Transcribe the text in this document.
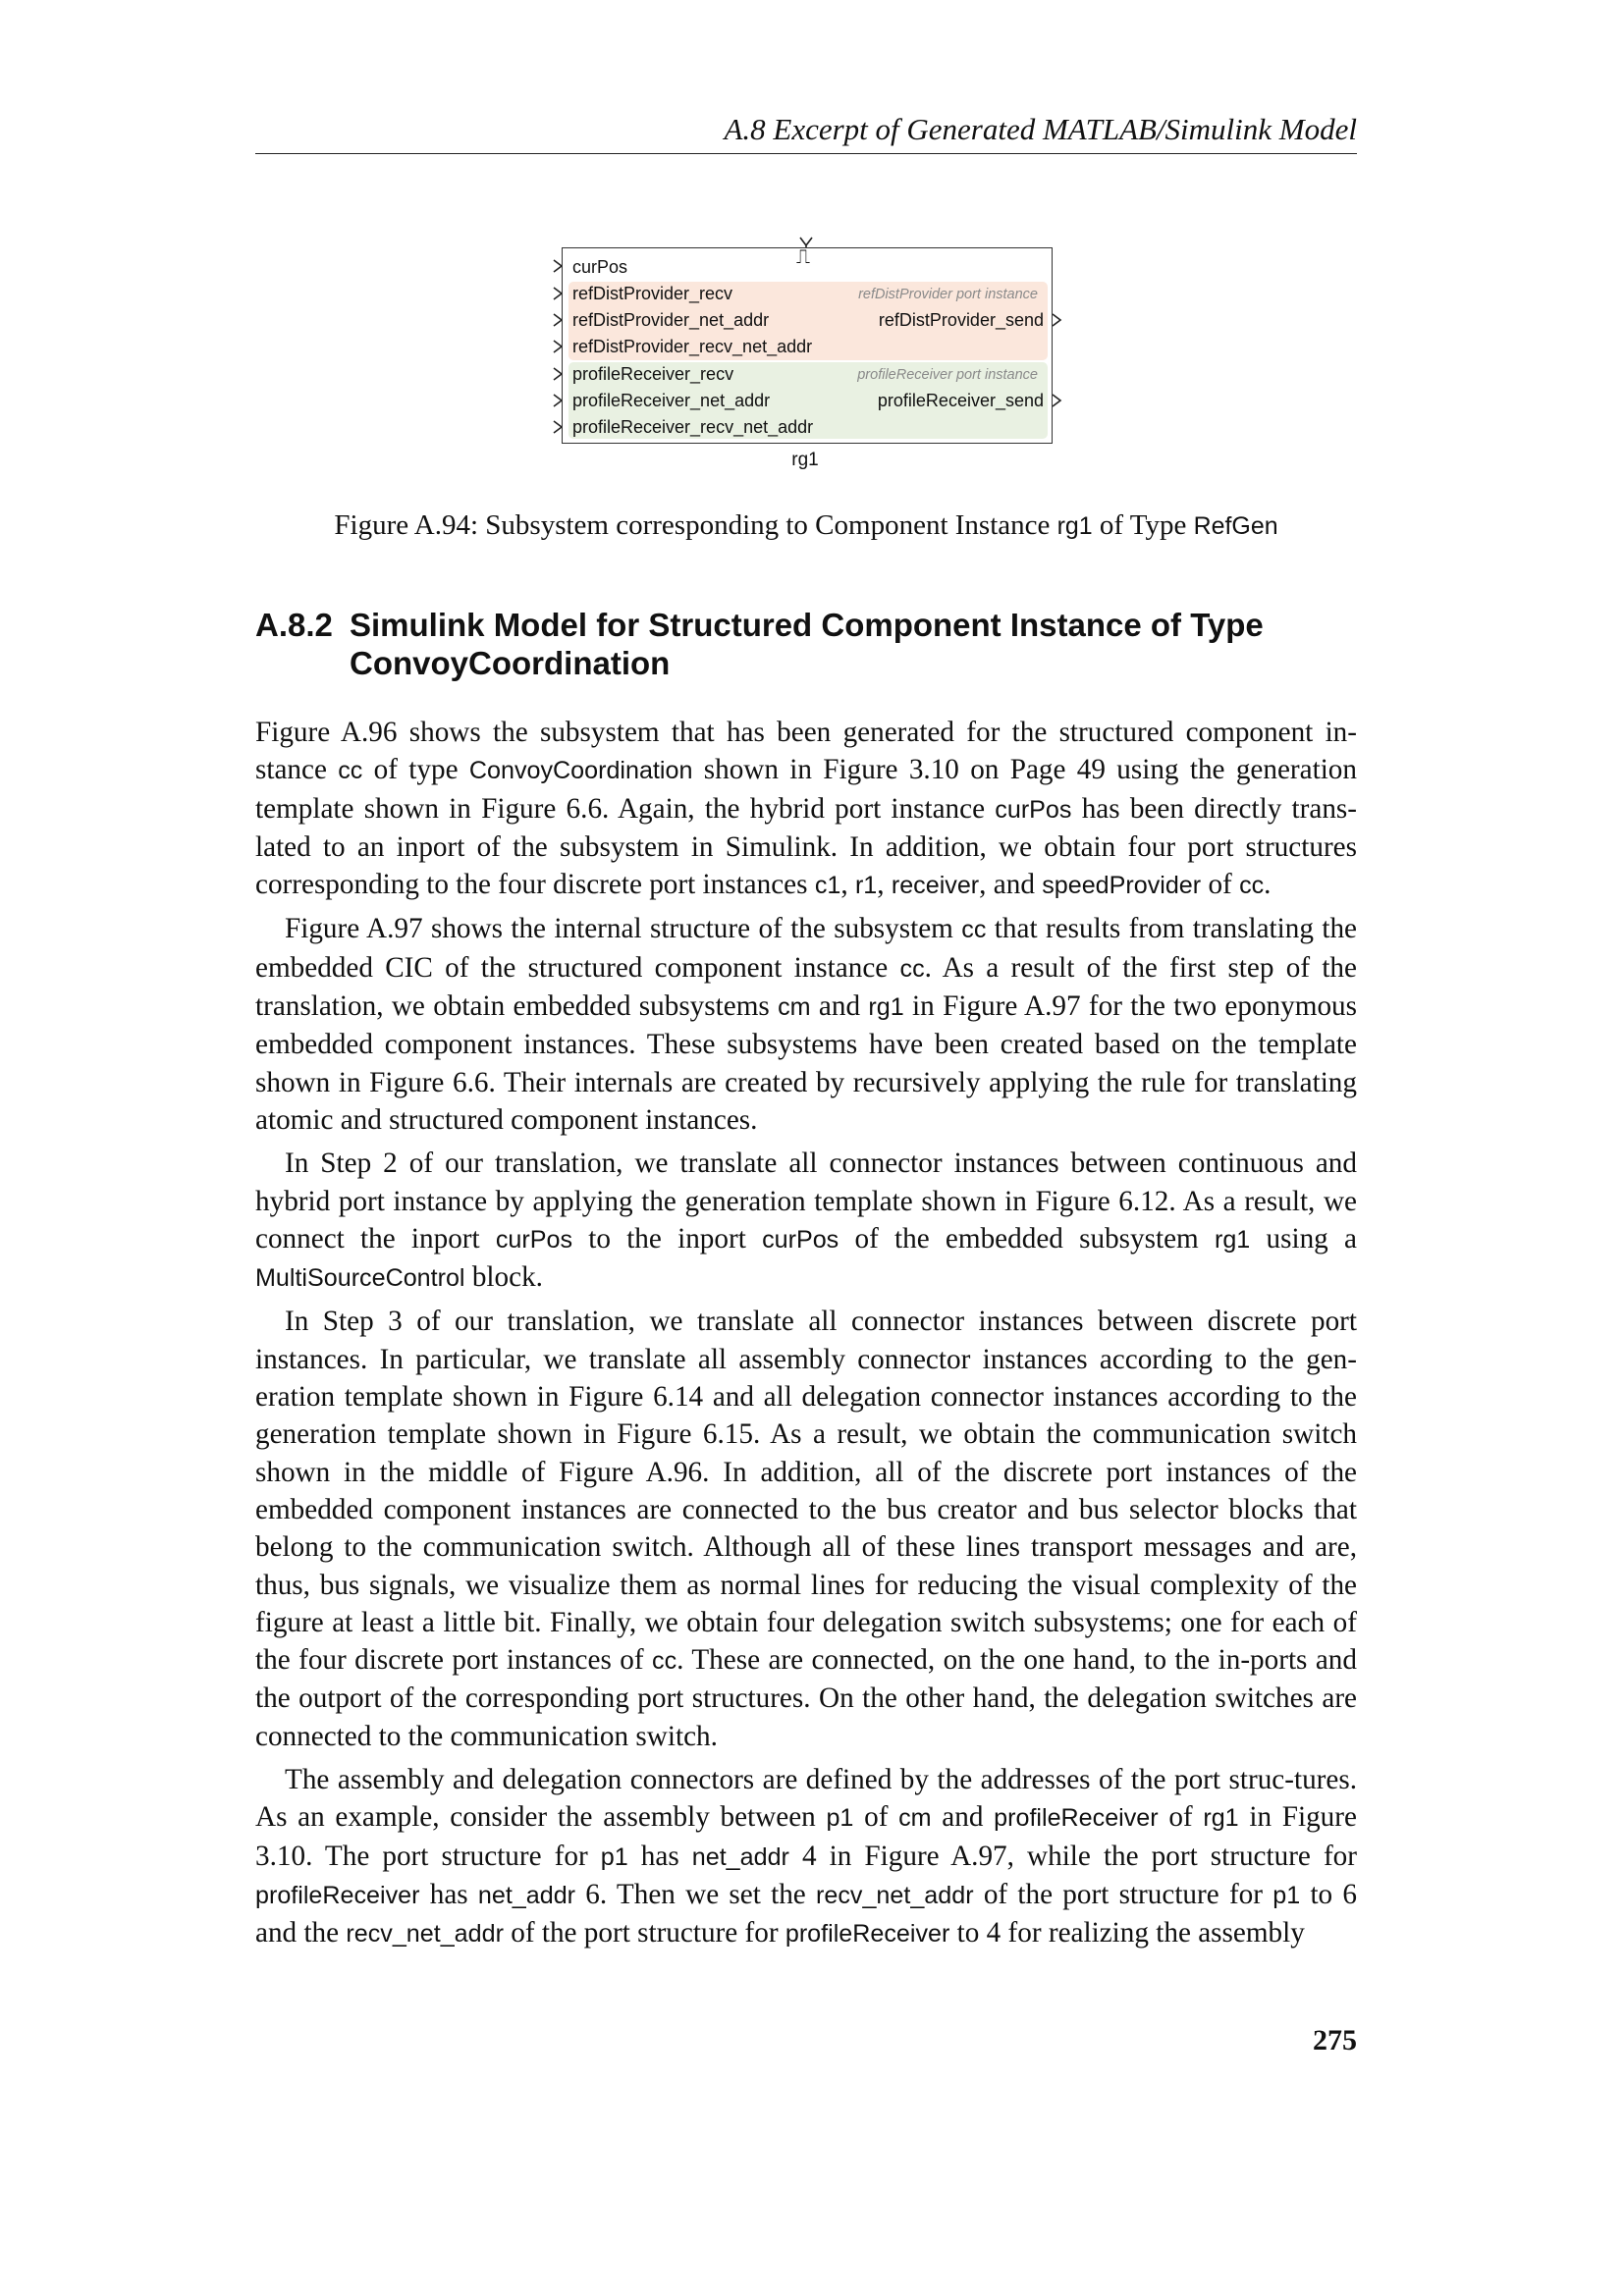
A.8 Excerpt of Generated MATLAB/Simulink Model
refDistProvider port instance
profileReceiver port instance
⎍
curPos
refDistProvider_recv
refDistProvider_net_addr
refDistProvider_recv_net_addr
profileReceiver_recv
profileReceiver_net_addr
profileReceiver_recv_net_addr
refDistProvider_send
profileReceiver_send
rg1
Figure A.94: Subsystem corresponding to Component Instance rg1 of Type RefGen
A.8.2 Simulink Model for Structured Component Instance of Type ConvoyCoordination

Figure A.96 shows the subsystem that has been generated for the structured component in-stance cc of type ConvoyCoordination shown in Figure 3.10 on Page 49 using the generation template shown in Figure 6.6. Again, the hybrid port instance curPos has been directly trans-lated to an inport of the subsystem in Simulink. In addition, we obtain four port structures corresponding to the four discrete port instances c1, r1, receiver, and speedProvider of cc.

Figure A.97 shows the internal structure of the subsystem cc that results from translating the embedded CIC of the structured component instance cc. As a result of the first step of the translation, we obtain embedded subsystems cm and rg1 in Figure A.97 for the two eponymous embedded component instances. These subsystems have been created based on the template shown in Figure 6.6. Their internals are created by recursively applying the rule for translating atomic and structured component instances.

In Step 2 of our translation, we translate all connector instances between continuous and hybrid port instance by applying the generation template shown in Figure 6.12. As a result, we connect the inport curPos to the inport curPos of the embedded subsystem rg1 using a MultiSourceControl block.

In Step 3 of our translation, we translate all connector instances between discrete port instances. In particular, we translate all assembly connector instances according to the gen-eration template shown in Figure 6.14 and all delegation connector instances according to the generation template shown in Figure 6.15. As a result, we obtain the communication switch shown in the middle of Figure A.96. In addition, all of the discrete port instances of the embedded component instances are connected to the bus creator and bus selector blocks that belong to the communication switch. Although all of these lines transport messages and are, thus, bus signals, we visualize them as normal lines for reducing the visual complexity of the figure at least a little bit. Finally, we obtain four delegation switch subsystems; one for each of the four discrete port instances of cc. These are connected, on the one hand, to the in-ports and the outport of the corresponding port structures. On the other hand, the delegation switches are connected to the communication switch.

The assembly and delegation connectors are defined by the addresses of the port struc-tures. As an example, consider the assembly between p1 of cm and profileReceiver of rg1 in Figure 3.10. The port structure for p1 has net_addr 4 in Figure A.97, while the port structure for profileReceiver has net_addr 6. Then we set the recv_net_addr of the port structure for p1 to 6 and the recv_net_addr of the port structure for profileReceiver to 4 for realizing the assembly

275
